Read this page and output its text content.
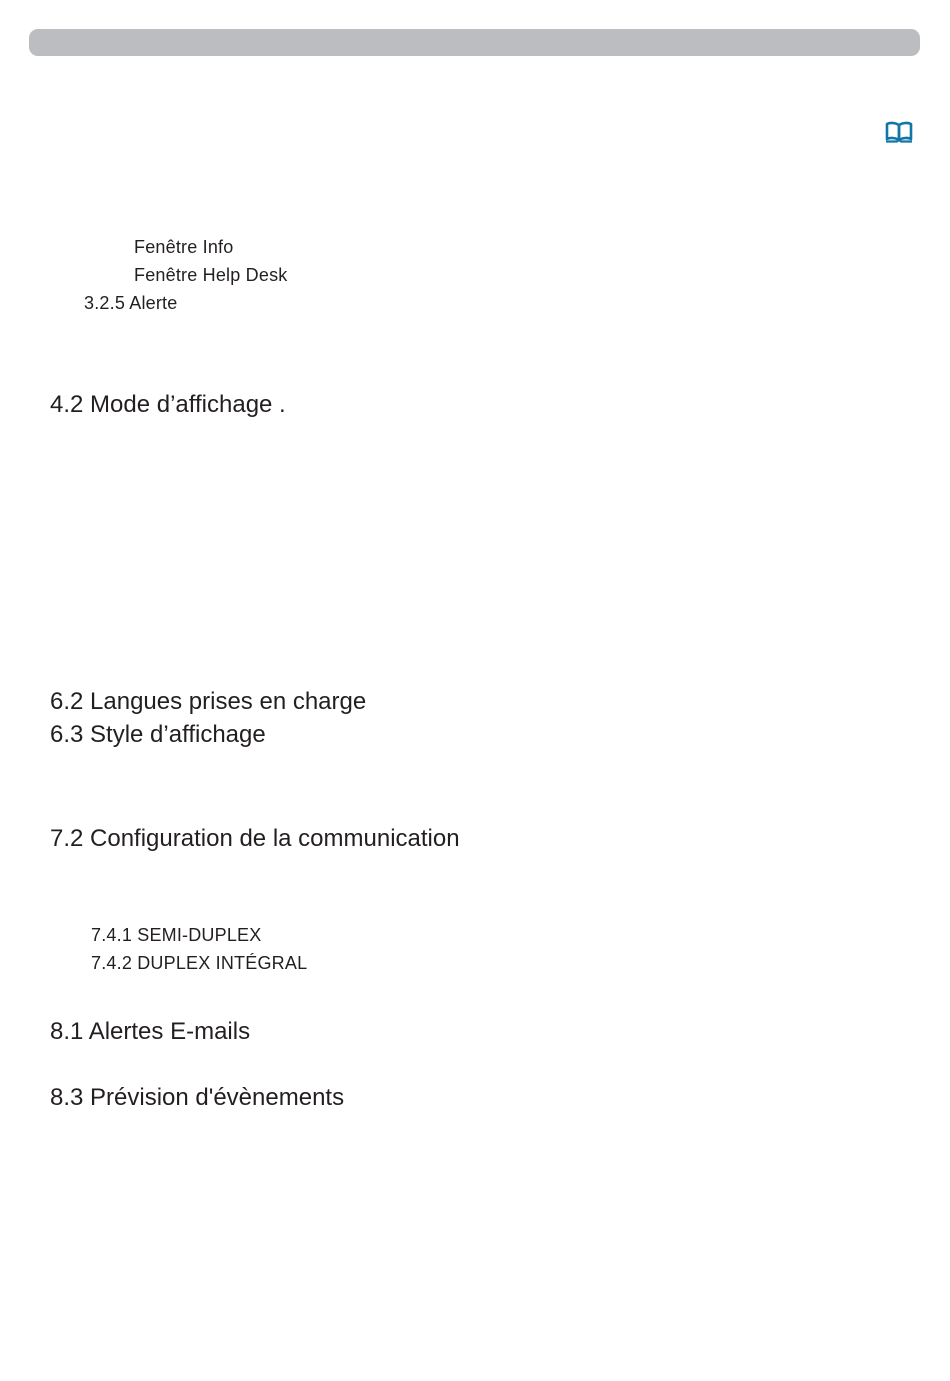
Fenêtre Info
Fenêtre Help Desk
3.2.5 Alerte
4.2 Mode d’affichage .
6.2 Langues prises en charge
6.3 Style d’affichage
7.2 Configuration de la communication
7.4.1 SEMI-DUPLEX
7.4.2 DUPLEX INTÉGRAL
8.1 Alertes E-mails
8.3 Prévision d'évènements
